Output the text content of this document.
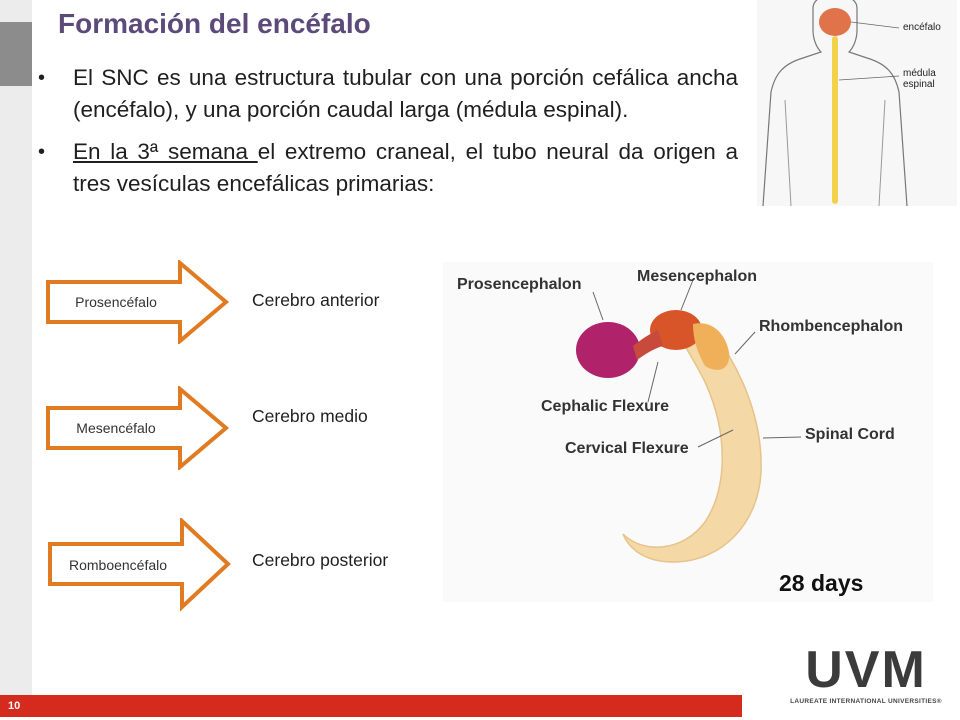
Formación del encéfalo
• El SNC es una estructura tubular con una porción cefálica ancha (encéfalo), y una porción caudal larga (médula espinal).
• En la 3ª semana el extremo craneal, el tubo neural da origen a tres vesículas encefálicas primarias:
Prosencéfalo
Mesencéfalo
Romboencéfalo
Cerebro anterior
Cerebro medio
Cerebro posterior
encéfalo
médula
espinal
Prosencephalon	Mesencephalon
Rhombencephalon
Cephalic Flexure
Cervical Flexure
Spinal Cord
28 days
10
UVM
LAUREATE INTERNATIONAL UNIVERSITIES®
